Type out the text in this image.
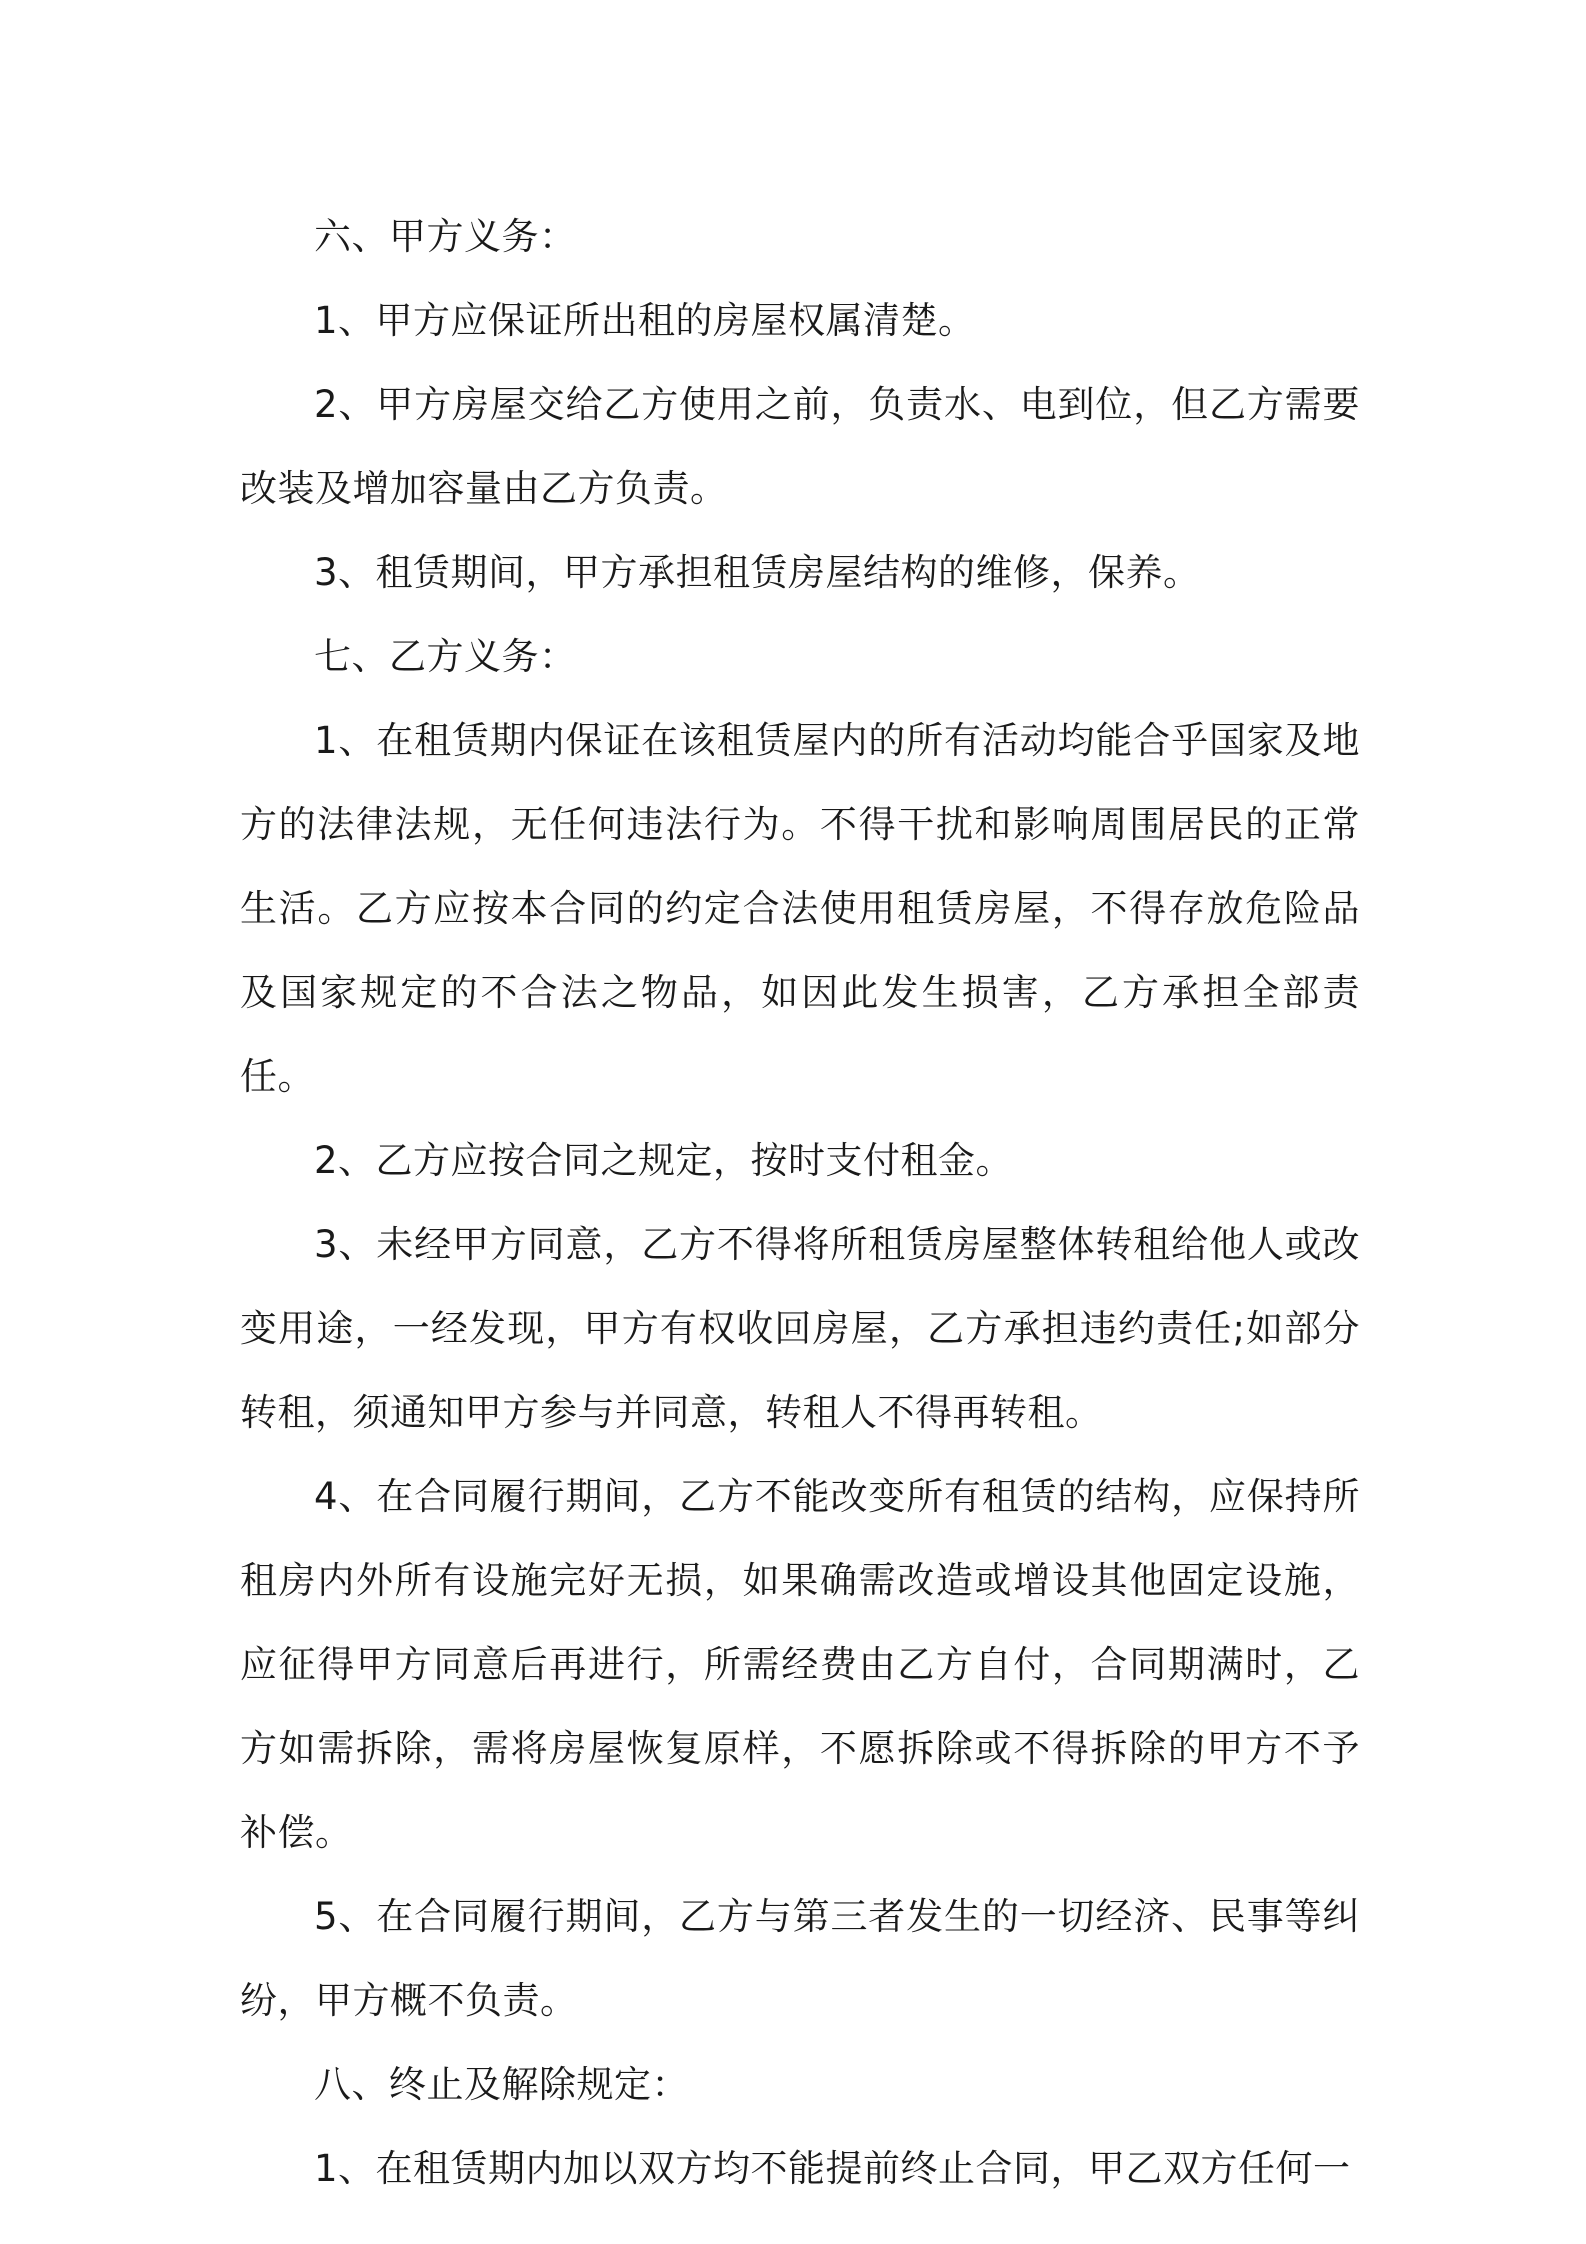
六、甲方义务：

1、甲方应保证所出租的房屋权属清楚。

2、甲方房屋交给乙方使用之前，负责水、电到位，但乙方需要改装及增加容量由乙方负责。

3、租赁期间，甲方承担租赁房屋结构的维修，保养。

七、乙方义务：

1、在租赁期内保证在该租赁屋内的所有活动均能合乎国家及地方的法律法规，无任何违法行为。不得干扰和影响周围居民的正常生活。乙方应按本合同的约定合法使用租赁房屋，不得存放危险品及国家规定的不合法之物品，如因此发生损害，乙方承担全部责任。

2、乙方应按合同之规定，按时支付租金。

3、未经甲方同意，乙方不得将所租赁房屋整体转租给他人或改变用途，一经发现，甲方有权收回房屋，乙方承担违约责任;如部分转租，须通知甲方参与并同意，转租人不得再转租。

4、在合同履行期间，乙方不能改变所有租赁的结构，应保持所租房内外所有设施完好无损，如果确需改造或增设其他固定设施，应征得甲方同意后再进行，所需经费由乙方自付，合同期满时，乙方如需拆除，需将房屋恢复原样，不愿拆除或不得拆除的甲方不予补偿。

5、在合同履行期间，乙方与第三者发生的一切经济、民事等纠纷，甲方概不负责。

八、终止及解除规定：

1、在租赁期内加以双方均不能提前终止合同，甲乙双方任何一
